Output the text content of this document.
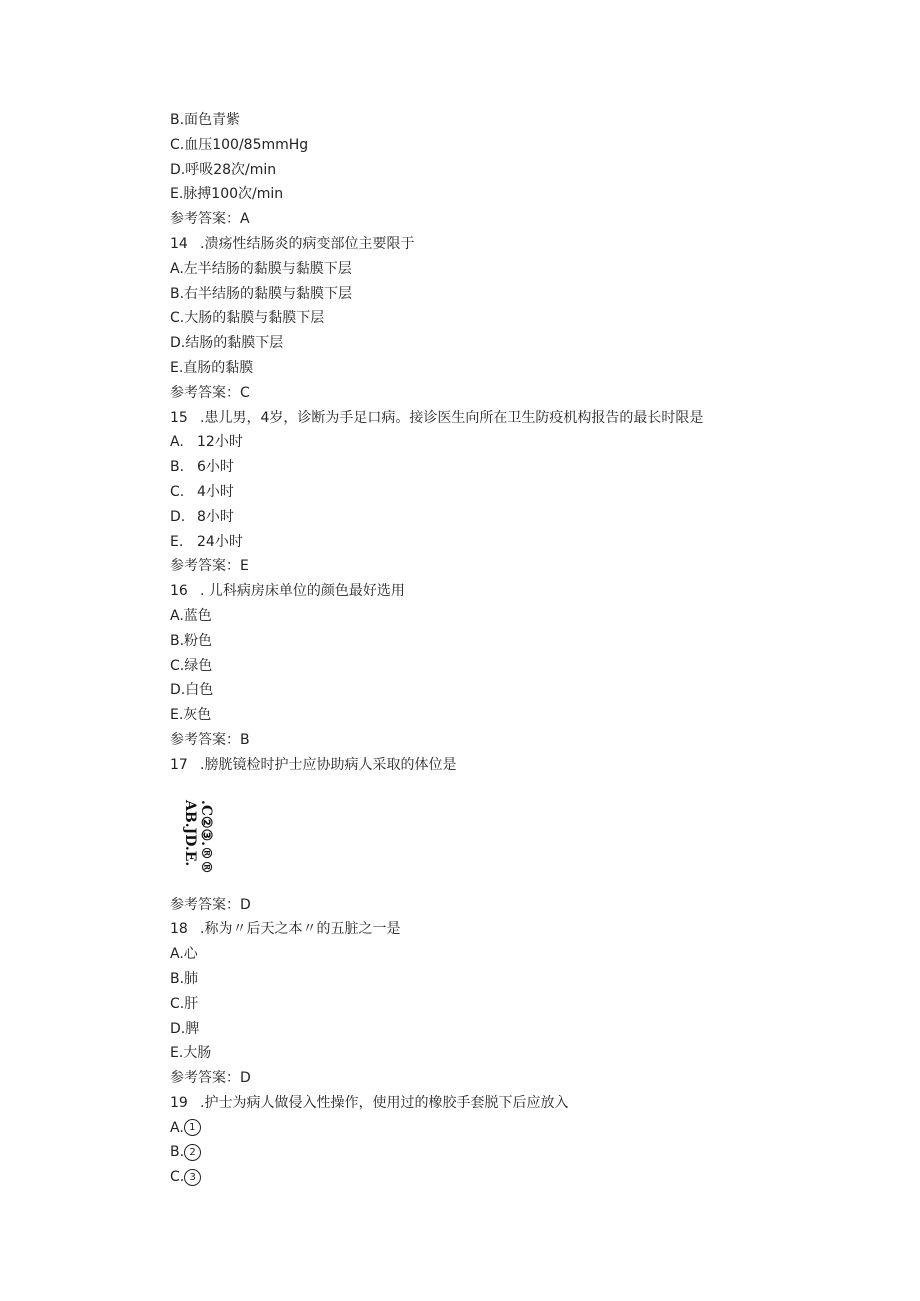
B.面色青紫
C.血压100/85mmHg
D.呼吸28次/min
E.脉搏100次/min
参考答案：A
14 .溃疡性结肠炎的病变部位主要限于
A.左半结肠的黏膜与黏膜下层
B.右半结肠的黏膜与黏膜下层
C.大肠的黏膜与黏膜下层
D.结肠的黏膜下层
E.直肠的黏膜
参考答案：C
15 .患儿男，4岁，诊断为手足口病。接诊医生向所在卫生防疫机构报告的最长时限是
A. 12小时
B. 6小时
C. 4小时
D. 8小时
E. 24小时
参考答案：E
16 . 儿科病房床单位的颜色最好选用
A.蓝色
B.粉色
C.绿色
D.白色
E.灰色
参考答案：B
17 .膀胱镜检时护士应协助病人采取的体位是
.C②③.®®
AB.JD.E.
参考答案：D
18 .称为〃后天之本〃的五脏之一是
A.心
B.肺
C.肝
D.脾
E.大肠
参考答案：D
19 .护士为病人做侵入性操作，使用过的橡胶手套脱下后应放入
A. 1
B. 2
C. 3
